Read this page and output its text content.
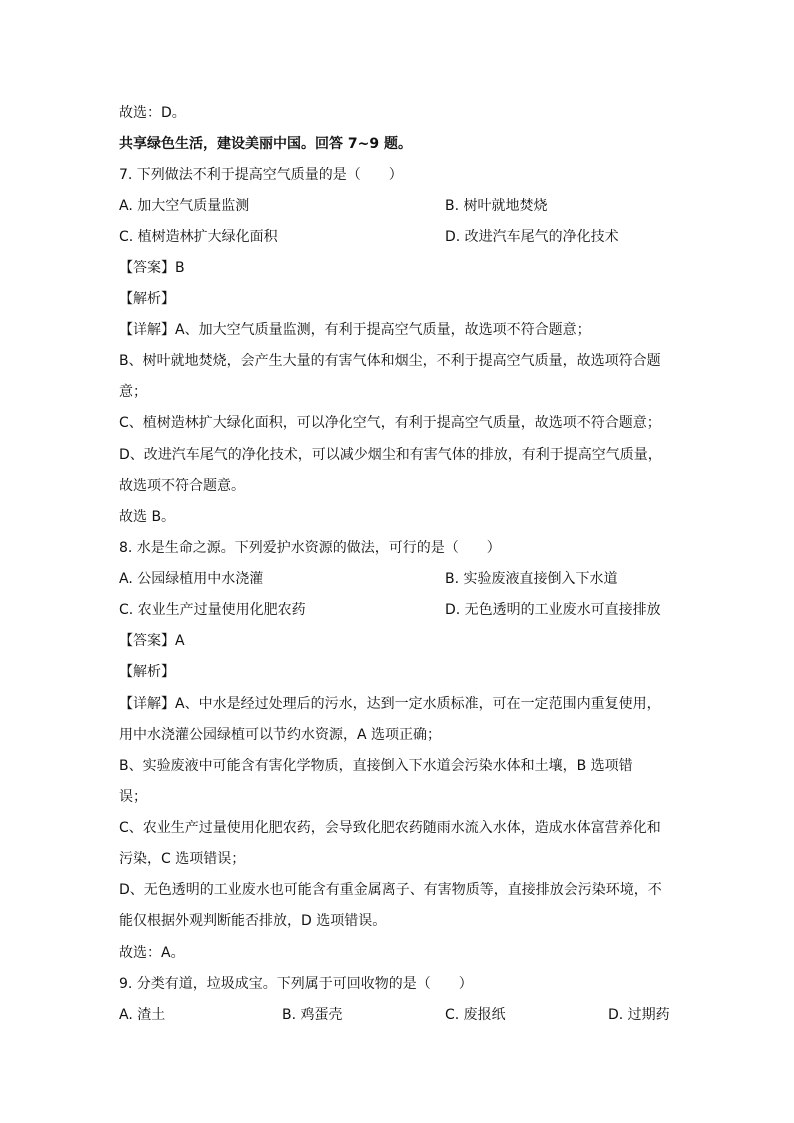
故选：D。
共享绿色生活，建设美丽中国。回答 7~9 题。
7. 下列做法不利于提高空气质量的是（　　）
A. 加大空气质量监测	B. 树叶就地焚烧
C. 植树造林扩大绿化面积	D. 改进汽车尾气的净化技术
【答案】B
【解析】
【详解】A、加大空气质量监测，有利于提高空气质量，故选项不符合题意；
B、树叶就地焚烧，会产生大量的有害气体和烟尘，不利于提高空气质量，故选项符合题
意；
C、植树造林扩大绿化面积，可以净化空气，有利于提高空气质量，故选项不符合题意；
D、改进汽车尾气的净化技术，可以减少烟尘和有害气体的排放，有利于提高空气质量，
故选项不符合题意。
故选 B。
8. 水是生命之源。下列爱护水资源的做法，可行的是（　　）
A. 公园绿植用中水浇灌	B. 实验废液直接倒入下水道
C. 农业生产过量使用化肥农药	D. 无色透明的工业废水可直接排放
【答案】A
【解析】
【详解】A、中水是经过处理后的污水，达到一定水质标准，可在一定范围内重复使用，
用中水浇灌公园绿植可以节约水资源，A 选项正确；
B、实验废液中可能含有害化学物质，直接倒入下水道会污染水体和土壤，B 选项错
误；
C、农业生产过量使用化肥农药，会导致化肥农药随雨水流入水体，造成水体富营养化和
污染，C 选项错误；
D、无色透明的工业废水也可能含有重金属离子、有害物质等，直接排放会污染环境，不
能仅根据外观判断能否排放，D 选项错误。
故选：A。
9. 分类有道，垃圾成宝。下列属于可回收物的是（　　）
A. 渣土	B. 鸡蛋壳	C. 废报纸	D. 过期药
